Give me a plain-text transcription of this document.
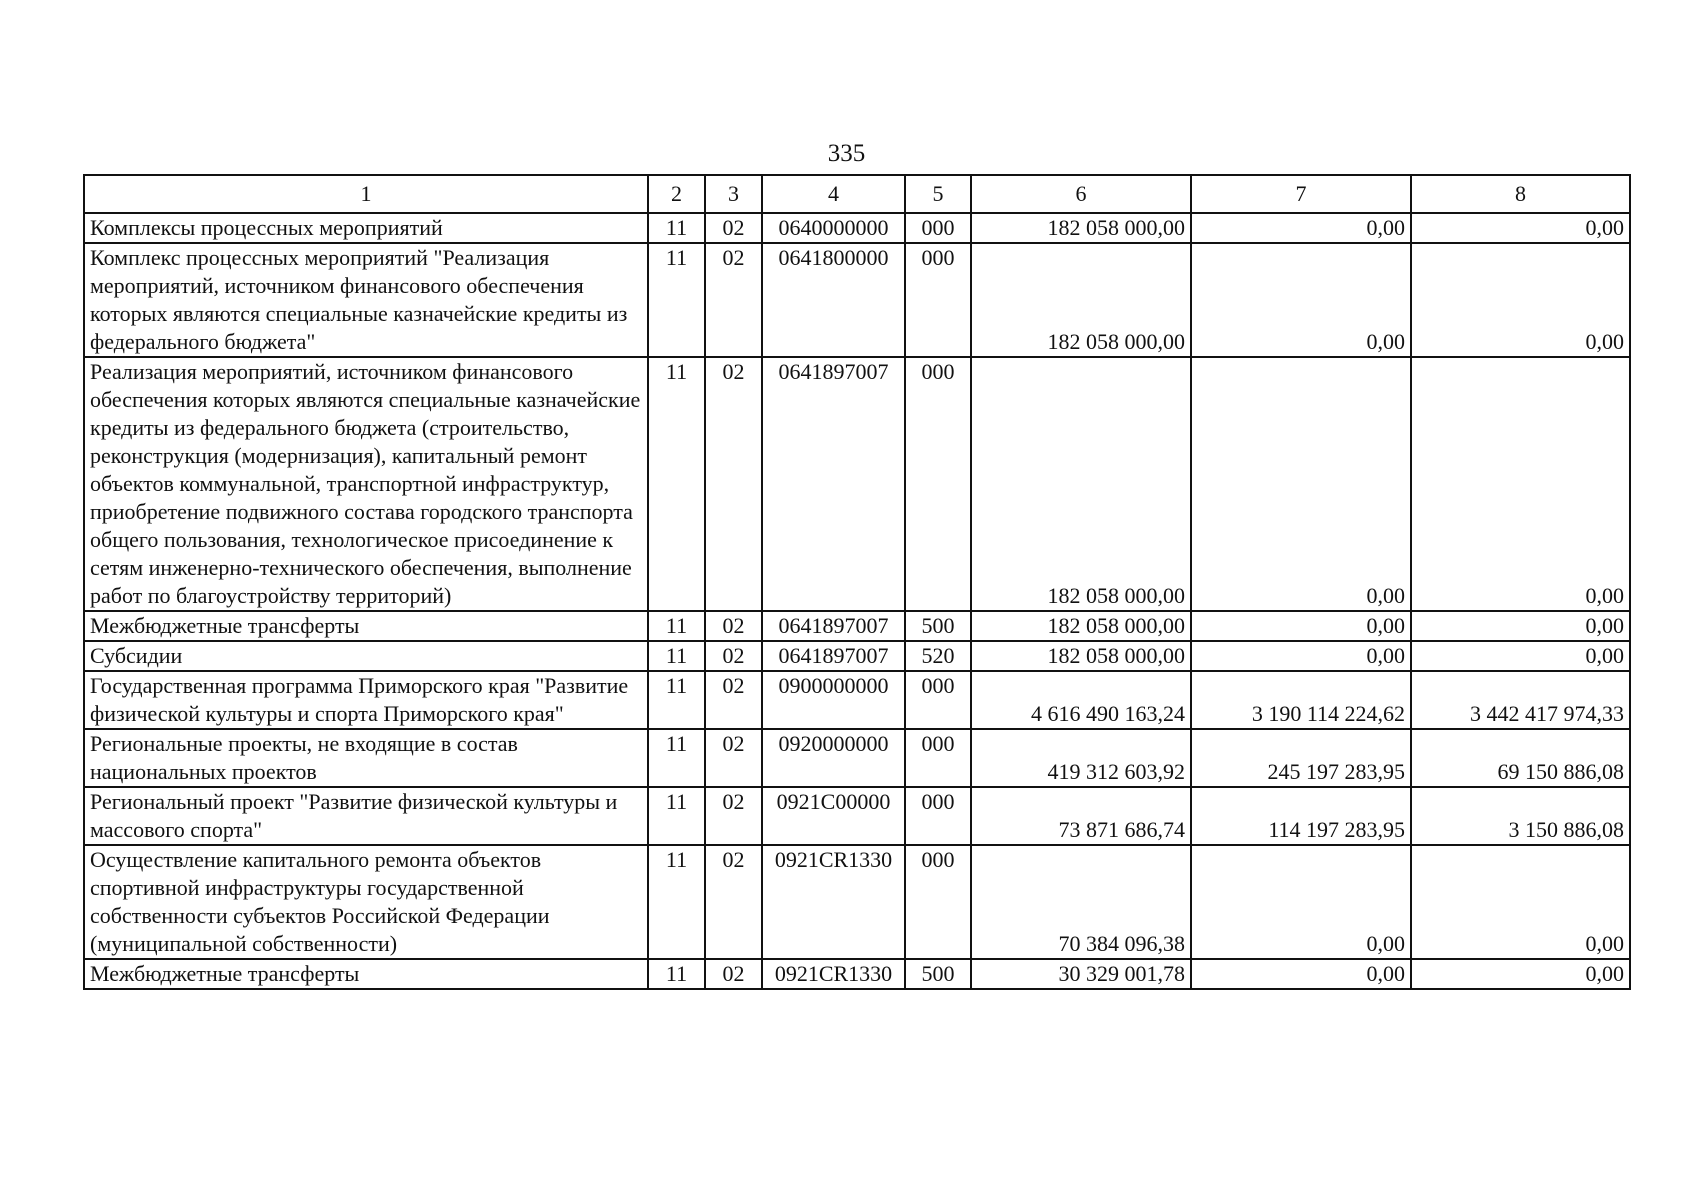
335
1	2	3	4	5	6	7	8
Комплексы процессных мероприятий	11	02	0640000000	000	182 058 000,00	0,00	0,00
Комплекс процессных мероприятий "Реализация мероприятий, источником финансового обеспечения которых являются специальные казначейские кредиты из федерального бюджета"	11	02	0641800000	000	182 058 000,00	0,00	0,00
Реализация мероприятий, источником финансового обеспечения которых являются специальные казначейские кредиты из федерального бюджета (строительство, реконструкция (модернизация), капитальный ремонт объектов коммунальной, транспортной инфраструктур, приобретение подвижного состава городского транспорта общего пользования, технологическое присоединение к сетям инженерно-технического обеспечения, выполнение работ по благоустройству территорий)	11	02	0641897007	000	182 058 000,00	0,00	0,00
Межбюджетные трансферты	11	02	0641897007	500	182 058 000,00	0,00	0,00
Субсидии	11	02	0641897007	520	182 058 000,00	0,00	0,00
Государственная программа Приморского края "Развитие физической культуры и спорта Приморского края"	11	02	0900000000	000	4 616 490 163,24	3 190 114 224,62	3 442 417 974,33
Региональные проекты, не входящие в состав национальных проектов	11	02	0920000000	000	419 312 603,92	245 197 283,95	69 150 886,08
Региональный проект "Развитие физической культуры и массового спорта"	11	02	0921С00000	000	73 871 686,74	114 197 283,95	3 150 886,08
Осуществление капитального ремонта объектов спортивной инфраструктуры государственной собственности субъектов Российской Федерации (муниципальной собственности)	11	02	0921CR1330	000	70 384 096,38	0,00	0,00
Межбюджетные трансферты	11	02	0921CR1330	500	30 329 001,78	0,00	0,00
